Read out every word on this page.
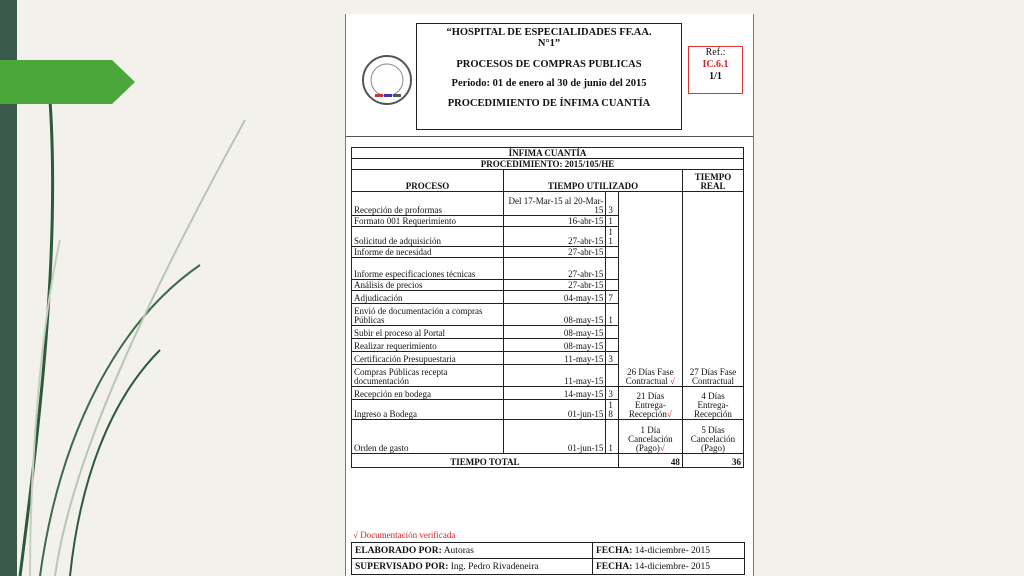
“HOSPITAL DE ESPECIALIDADES FF.AA.
N°1”
PROCESOS DE COMPRAS PUBLICAS
Período: 01 de enero al 30 de junio del 2015
PROCEDIMIENTO DE ÍNFIMA CUANTÍA
Ref.:
IC.6.1
1/1
ÍNFIMA CUANTÍA				
PROCEDIMIENTO: 2015/105/HE				
PROCESO	TIEMPO UTILIZADO			TIEMPO REAL
Recepción de proformas	Del 17-Mar-15 al 20-Mar-15	3	26 Días Fase Contractual √	27 Días Fase Contractual
Formato 001 Requerimiento	16-abr-15	1		
Solicitud de adquisición	27-abr-15	1 1		
Informe de necesidad	27-abr-15			
Informe especificaciones técnicas	27-abr-15			
Análisis de precios	27-abr-15			
Adjudicación	04-may-15	7		
Envió de documentación a compras Públicas	08-may-15	1		
Subir el proceso al Portal	08-may-15			
Realizar requerimiento	08-may-15			
Certificación Presupuestaria	11-may-15	3		
Compras Públicas recepta documentación	11-may-15			
Recepción en bodega	14-may-15	3	21 Días Entrega-Recepción√	4 Días Entrega-Recepción
Ingreso a Bodega	01-jun-15	1 8		
Orden de gasto	01-jun-15	1	1 Día Cancelación (Pago)√	5 Días Cancelación (Pago)
TIEMPO TOTAL			48	36
√ Documentación verificada
ELABORADO POR: Autoras	FECHA: 14-diciembre- 2015
SUPERVISADO POR: Ing. Pedro Rivadeneira	FECHA: 14-diciembre- 2015
